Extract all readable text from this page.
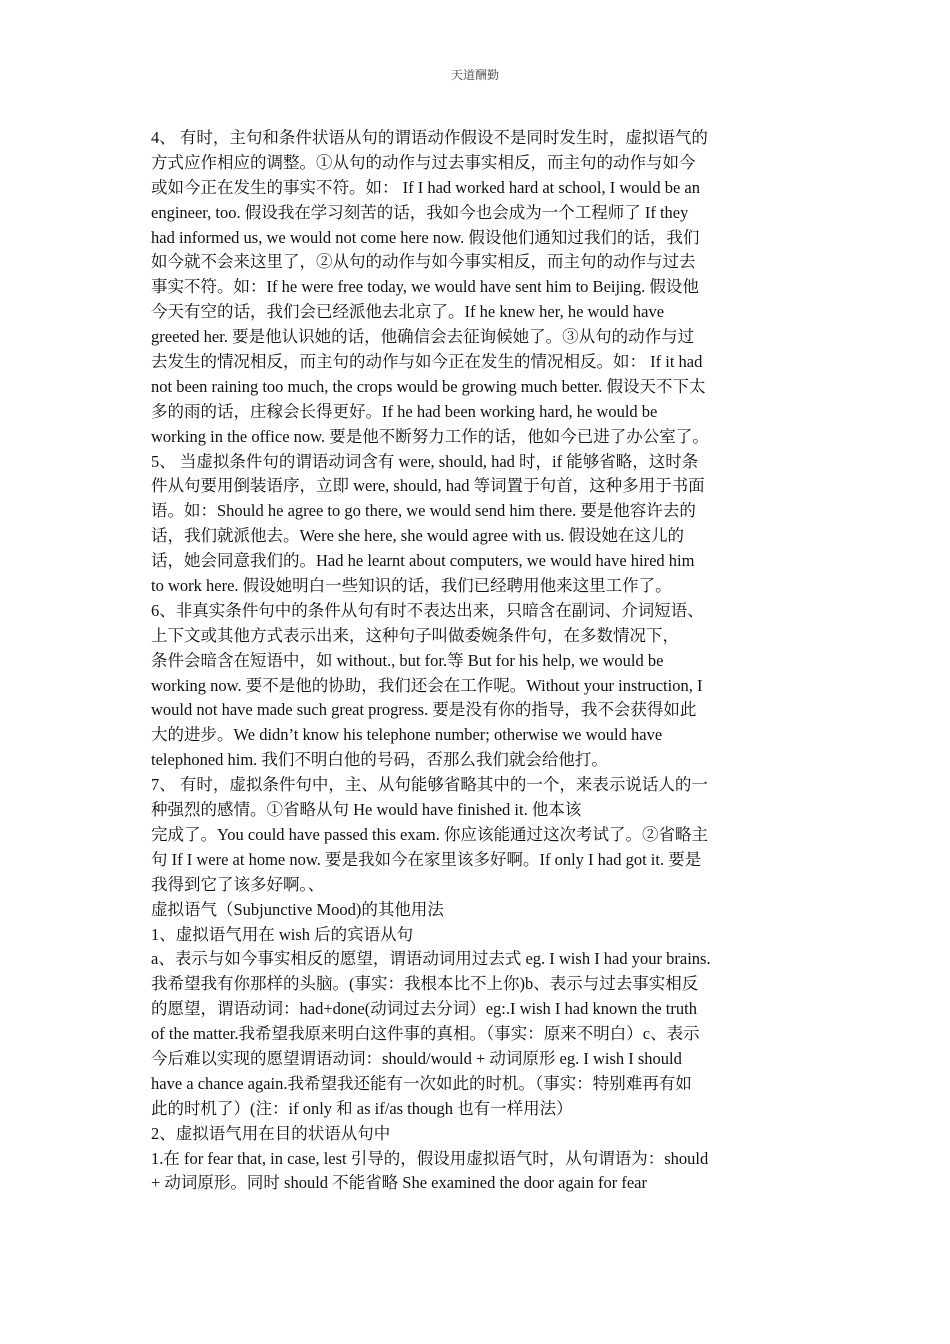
天道酬勤
4、 有时，主句和条件状语从句的谓语动作假设不是同时发生时，虚拟语气的
方式应作相应的调整。①从句的动作与过去事实相反，而主句的动作与如今
或如今正在发生的事实不符。如： If I had worked hard at school, I would be an
engineer, too. 假设我在学习刻苦的话，我如今也会成为一个工程师了 If they
had informed us, we would not come here now. 假设他们通知过我们的话，我们
如今就不会来这里了，②从句的动作与如今事实相反，而主句的动作与过去
事实不符。如：If he were free today, we would have sent him to Beijing. 假设他
今天有空的话，我们会已经派他去北京了。If he knew her, he would have
greeted her. 要是他认识她的话，他确信会去征询候她了。③从句的动作与过
去发生的情况相反，而主句的动作与如今正在发生的情况相反。如： If it had
not been raining too much, the crops would be growing much better. 假设天不下太
多的雨的话，庄稼会长得更好。If he had been working hard, he would be
working in the office now. 要是他不断努力工作的话，他如今已进了办公室了。
5、 当虚拟条件句的谓语动词含有 were, should, had 时，if 能够省略，这时条
件从句要用倒装语序，立即 were, should, had 等词置于句首，这种多用于书面
语。如：Should he agree to go there, we would send him there. 要是他容许去的
话，我们就派他去。Were she here, she would agree with us. 假设她在这儿的
话，她会同意我们的。Had he learnt about computers, we would have hired him
to work here. 假设她明白一些知识的话，我们已经聘用他来这里工作了。
6、非真实条件句中的条件从句有时不表达出来，只暗含在副词、介词短语、
上下文或其他方式表示出来，这种句子叫做委婉条件句，在多数情况下，
条件会暗含在短语中，如 without., but for.等 But for his help, we would be
working now. 要不是他的协助，我们还会在工作呢。Without your instruction, I
would not have made such great progress. 要是没有你的指导，我不会获得如此
大的进步。We didn’t know his telephone number; otherwise we would have
telephoned him. 我们不明白他的号码，否那么我们就会给他打。
7、 有时，虚拟条件句中，主、从句能够省略其中的一个，来表示说话人的一
种强烈的感情。①省略从句 He would have finished it. 他本该
完成了。You could have passed this exam. 你应该能通过这次考试了。②省略主
句 If I were at home now. 要是我如今在家里该多好啊。If only I had got it. 要是
我得到它了该多好啊。、
虚拟语气（Subjunctive Mood)的其他用法
1、虚拟语气用在 wish 后的宾语从句
a、表示与如今事实相反的愿望，谓语动词用过去式 eg. I wish I had your brains.
我希望我有你那样的头脑。(事实：我根本比不上你)b、表示与过去事实相反
的愿望，谓语动词：had+done(动词过去分词）eg:.I wish I had known the truth
of the matter.我希望我原来明白这件事的真相。（事实：原来不明白）c、表示
今后难以实现的愿望谓语动词：should/would + 动词原形 eg. I wish I should
have a chance again.我希望我还能有一次如此的时机。（事实：特别难再有如
此的时机了）(注：if only 和 as if/as though 也有一样用法）
2、虚拟语气用在目的状语从句中
1.在 for fear that, in case, lest 引导的，假设用虚拟语气时，从句谓语为：should
+ 动词原形。同时 should 不能省略 She examined the door again for fear
